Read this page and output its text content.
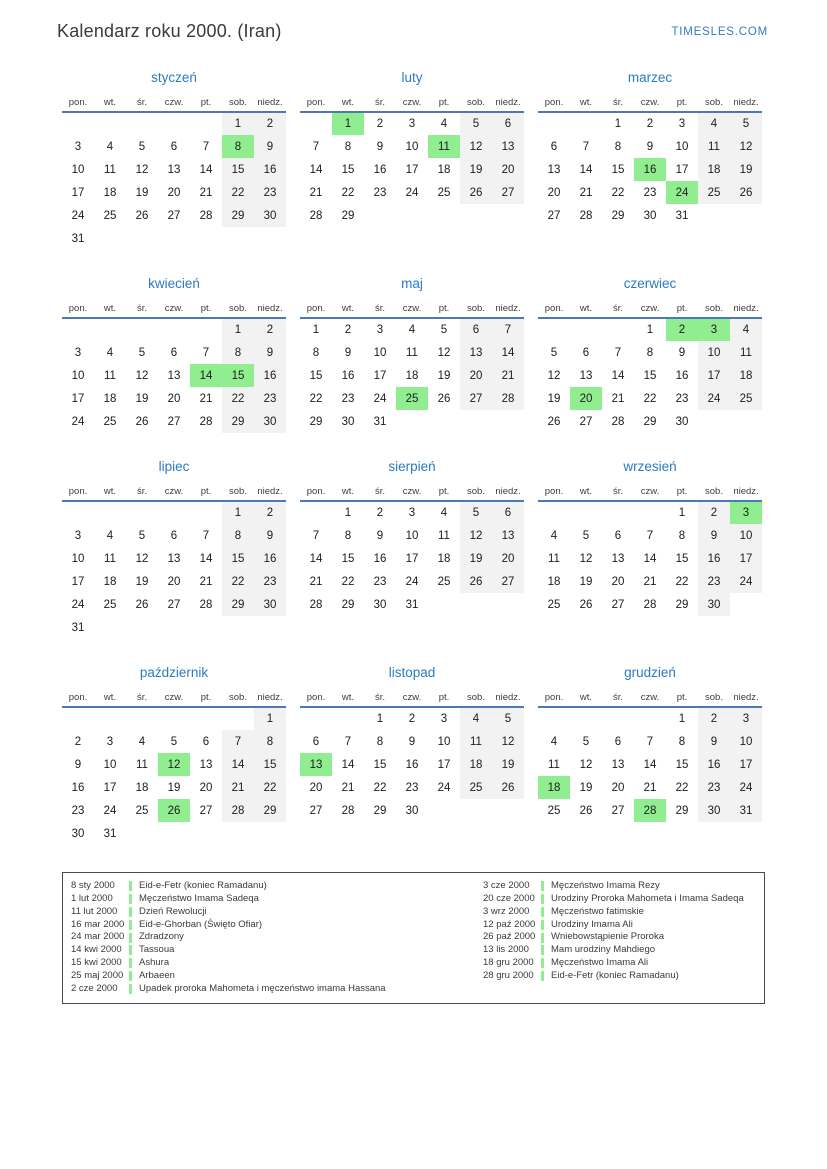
Kalendarz roku 2000. (Iran)	TIMESLES.COM
styczeń
pon.	wt.	śr.	czw.	pt.	sob.	niedz.
					1	2
3	4	5	6	7	8	9
10	11	12	13	14	15	16
17	18	19	20	21	22	23
24	25	26	27	28	29	30
31						
luty
pon.	wt.	śr.	czw.	pt.	sob.	niedz.
	1	2	3	4	5	6
7	8	9	10	11	12	13
14	15	16	17	18	19	20
21	22	23	24	25	26	27
28	29					
marzec
pon.	wt.	śr.	czw.	pt.	sob.	niedz.
		1	2	3	4	5
6	7	8	9	10	11	12
13	14	15	16	17	18	19
20	21	22	23	24	25	26
27	28	29	30	31		
kwiecień
pon.	wt.	śr.	czw.	pt.	sob.	niedz.
					1	2
3	4	5	6	7	8	9
10	11	12	13	14	15	16
17	18	19	20	21	22	23
24	25	26	27	28	29	30
maj
pon.	wt.	śr.	czw.	pt.	sob.	niedz.
1	2	3	4	5	6	7
8	9	10	11	12	13	14
15	16	17	18	19	20	21
22	23	24	25	26	27	28
29	30	31				
czerwiec
pon.	wt.	śr.	czw.	pt.	sob.	niedz.
			1	2	3	4
5	6	7	8	9	10	11
12	13	14	15	16	17	18
19	20	21	22	23	24	25
26	27	28	29	30		
lipiec
pon.	wt.	śr.	czw.	pt.	sob.	niedz.
					1	2
3	4	5	6	7	8	9
10	11	12	13	14	15	16
17	18	19	20	21	22	23
24	25	26	27	28	29	30
31						
sierpień
pon.	wt.	śr.	czw.	pt.	sob.	niedz.
	1	2	3	4	5	6
7	8	9	10	11	12	13
14	15	16	17	18	19	20
21	22	23	24	25	26	27
28	29	30	31			
wrzesień
pon.	wt.	śr.	czw.	pt.	sob.	niedz.
				1	2	3
4	5	6	7	8	9	10
11	12	13	14	15	16	17
18	19	20	21	22	23	24
25	26	27	28	29	30	
październik
pon.	wt.	śr.	czw.	pt.	sob.	niedz.
						1
2	3	4	5	6	7	8
9	10	11	12	13	14	15
16	17	18	19	20	21	22
23	24	25	26	27	28	29
30	31					
listopad
pon.	wt.	śr.	czw.	pt.	sob.	niedz.
		1	2	3	4	5
6	7	8	9	10	11	12
13	14	15	16	17	18	19
20	21	22	23	24	25	26
27	28	29	30			
grudzień
pon.	wt.	śr.	czw.	pt.	sob.	niedz.
				1	2	3
4	5	6	7	8	9	10
11	12	13	14	15	16	17
18	19	20	21	22	23	24
25	26	27	28	29	30	31
8 sty 2000	Eid-e-Fetr (koniec Ramadanu)
1 lut 2000	Męczeństwo Imama Sadeqa
11 lut 2000 Dzień Rewolucji
16 mar 2000 Eid-e-Ghorban (Święto Ofiar)
24 mar 2000 Zdradzony
14 kwi 2000 Tassoua
15 kwi 2000 Ashura
25 maj 2000 Arbaeen
2 cze 2000 Upadek proroka Mahometa i męczeństwo imama Hassana
3 cze 2000 Męczeństwo Imama Rezy
20 cze 2000 Urodziny Proroka Mahometa i Imama Sadeqa
3 wrz 2000 Męczeństwo fatimskie
12 paź 2000 Urodziny Imama Ali
26 paź 2000 Wniebowstąpienie Proroka
13 lis 2000 Mam urodziny Mahdiego
18 gru 2000 Męczeństwo Imama Ali
28 gru 2000 Eid-e-Fetr (koniec Ramadanu)
